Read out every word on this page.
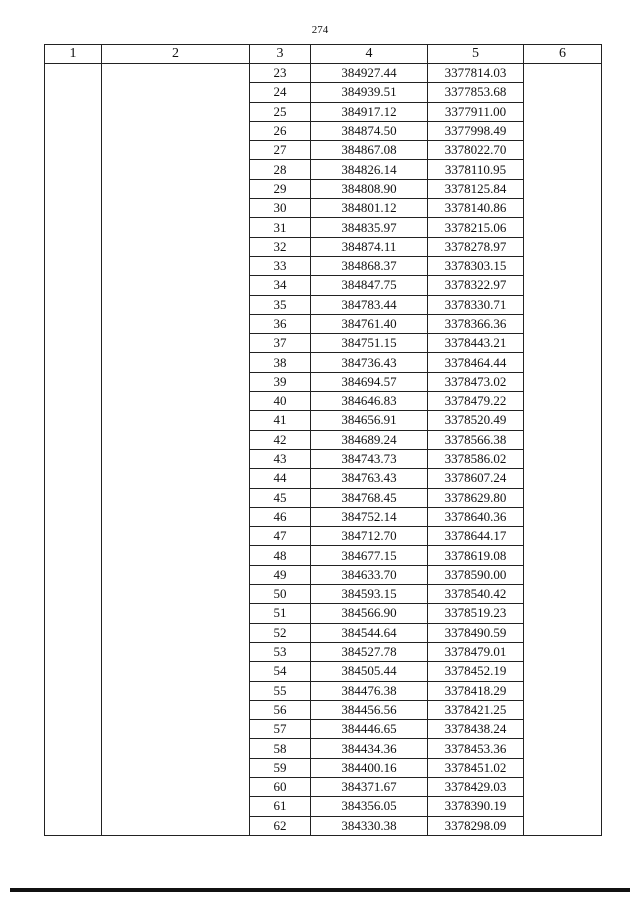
274
1	2	3	4	5	6
		23	384927.44	3377814.03	
		24	384939.51	3377853.68	
		25	384917.12	3377911.00	
		26	384874.50	3377998.49	
		27	384867.08	3378022.70	
		28	384826.14	3378110.95	
		29	384808.90	3378125.84	
		30	384801.12	3378140.86	
		31	384835.97	3378215.06	
		32	384874.11	3378278.97	
		33	384868.37	3378303.15	
		34	384847.75	3378322.97	
		35	384783.44	3378330.71	
		36	384761.40	3378366.36	
		37	384751.15	3378443.21	
		38	384736.43	3378464.44	
		39	384694.57	3378473.02	
		40	384646.83	3378479.22	
		41	384656.91	3378520.49	
		42	384689.24	3378566.38	
		43	384743.73	3378586.02	
		44	384763.43	3378607.24	
		45	384768.45	3378629.80	
		46	384752.14	3378640.36	
		47	384712.70	3378644.17	
		48	384677.15	3378619.08	
		49	384633.70	3378590.00	
		50	384593.15	3378540.42	
		51	384566.90	3378519.23	
		52	384544.64	3378490.59	
		53	384527.78	3378479.01	
		54	384505.44	3378452.19	
		55	384476.38	3378418.29	
		56	384456.56	3378421.25	
		57	384446.65	3378438.24	
		58	384434.36	3378453.36	
		59	384400.16	3378451.02	
		60	384371.67	3378429.03	
		61	384356.05	3378390.19	
		62	384330.38	3378298.09	
